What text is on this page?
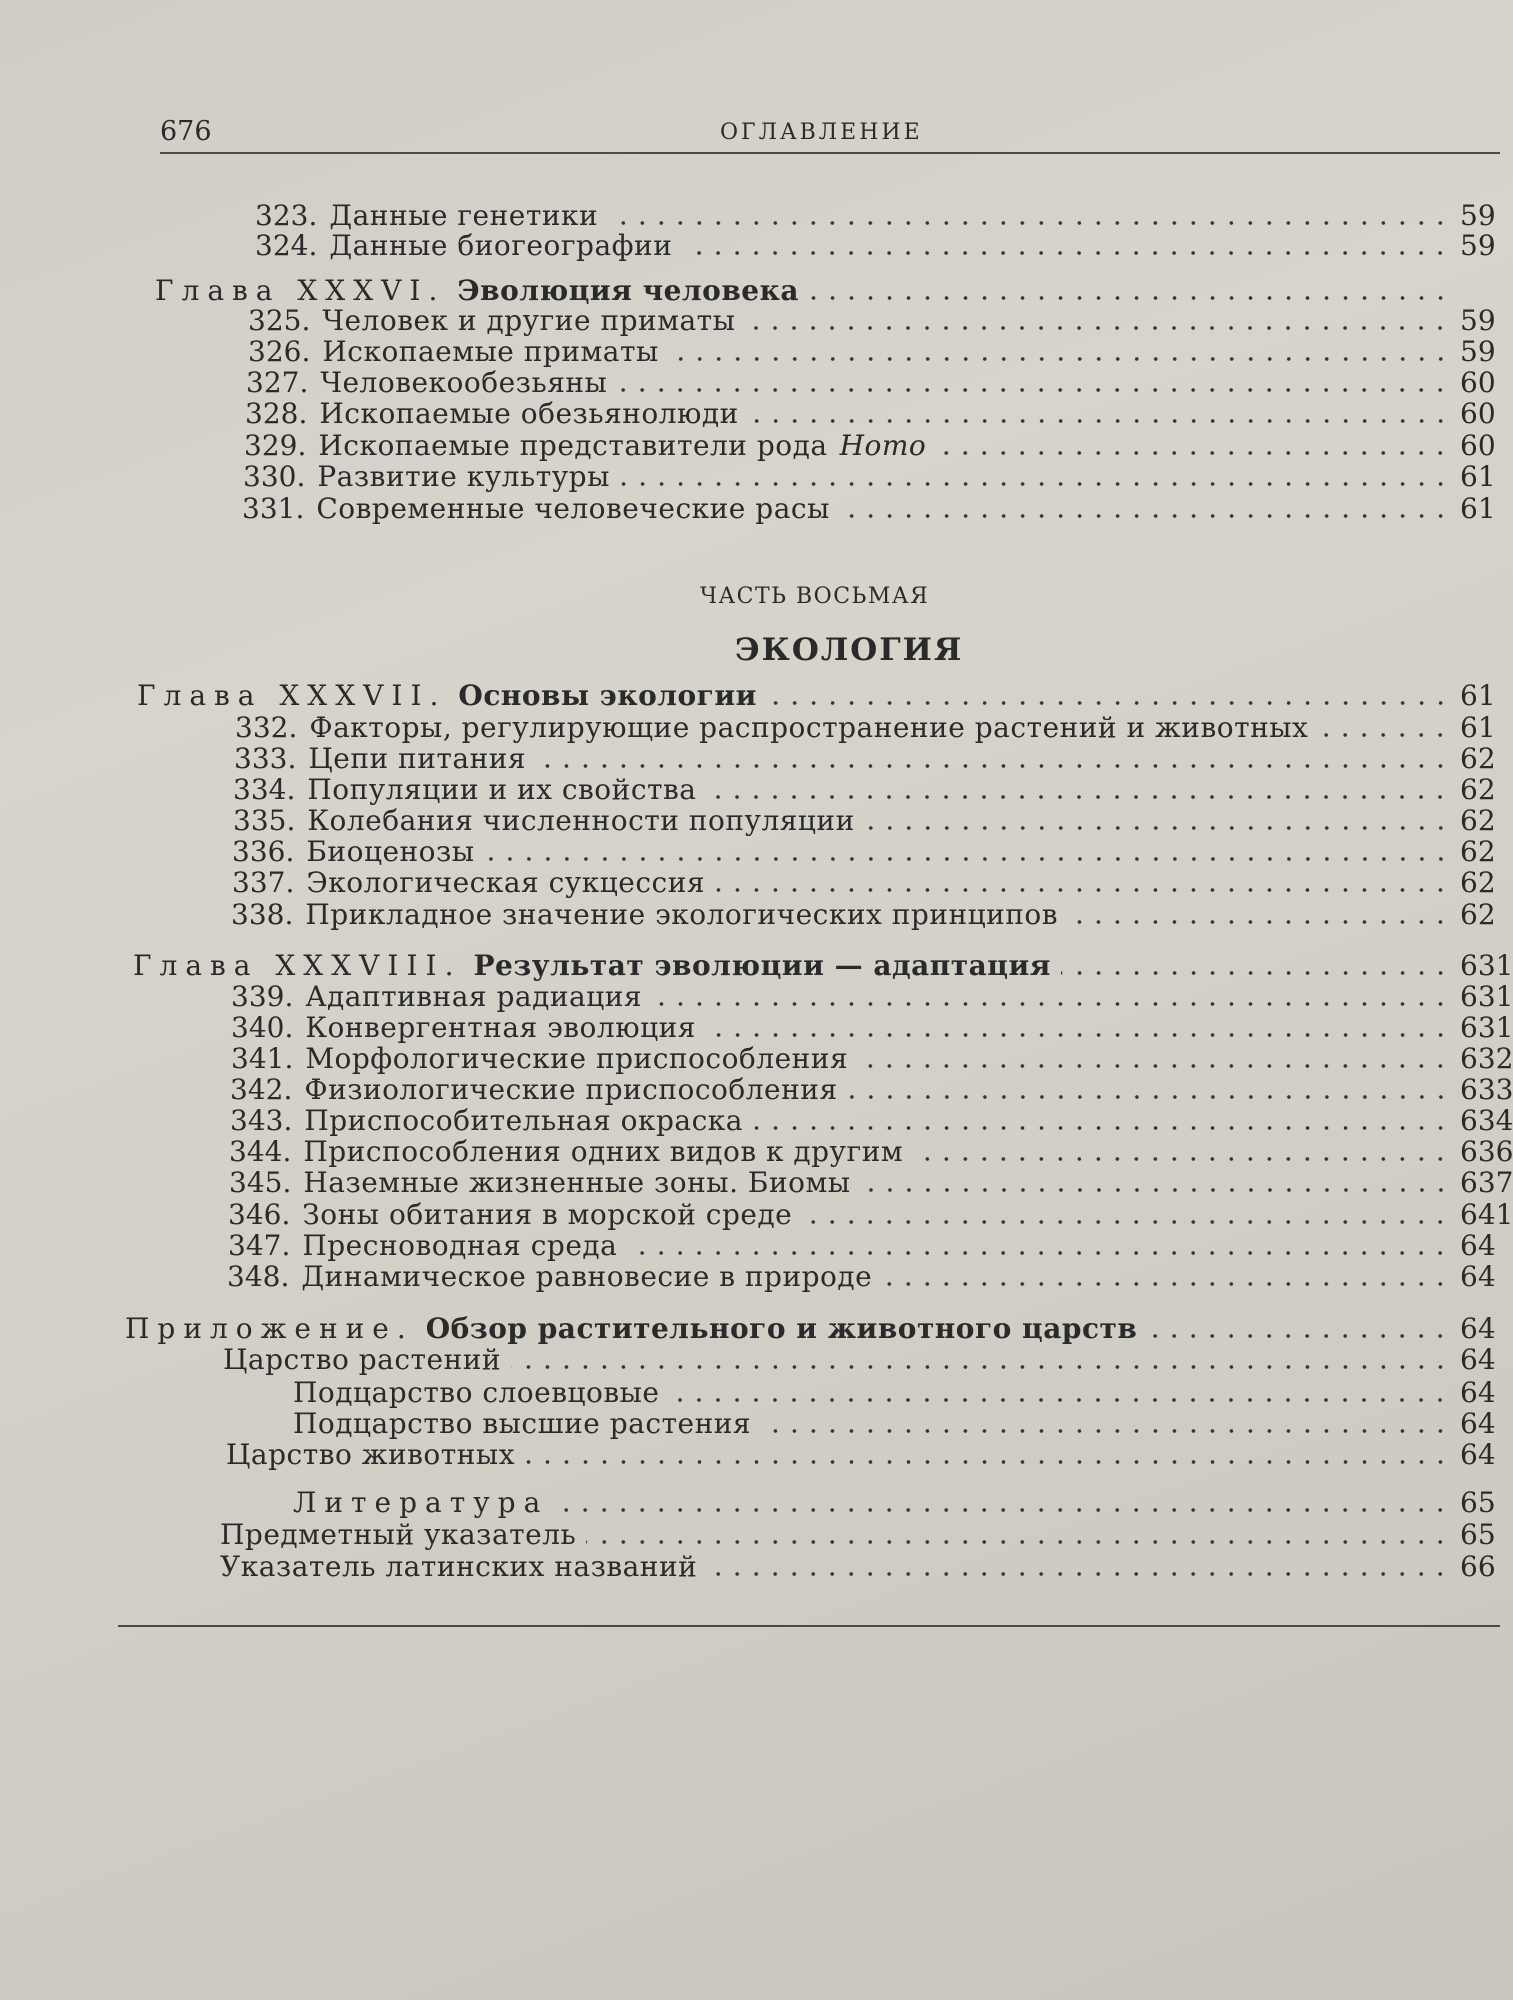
676	ОГЛАВЛЕНИЕ
323. Данные генетики	59
324. Данные биогеографии	59
Глава XXXVI. Эволюция человека
325. Человек и другие приматы	59
326. Ископаемые приматы	59
327. Человекообезьяны	60
328. Ископаемые обезьянолюди	60
329. Ископаемые представители рода Homo	60
330. Развитие культуры	61
331. Современные человеческие расы	61
ЧАСТЬ ВОСЬМАЯ
ЭКОЛОГИЯ
Глава XXXVII. Основы экологии	61
332. Факторы, регулирующие распространение растений и животных	61
333. Цепи питания	62
334. Популяции и их свойства	62
335. Колебания численности популяции	62
336. Биоценозы	62
337. Экологическая сукцессия	62
338. Прикладное значение экологических принципов	62
Глава XXXVIII. Результат эволюции — адаптация	631
339. Адаптивная радиация	631
340. Конвергентная эволюция	631
341. Морфологические приспособления	632
342. Физиологические приспособления	633
343. Приспособительная окраска	634
344. Приспособления одних видов к другим	636
345. Наземные жизненные зоны. Биомы	637
346. Зоны обитания в морской среде	641
347. Пресноводная среда	64
348. Динамическое равновесие в природе	64
Приложение. Обзор растительного и животного царств	64
Царство растений	64
Подцарство слоевцовые	64
Подцарство высшие растения	64
Царство животных	64
Литература	65
Предметный указатель	65
Указатель латинских названий	66
